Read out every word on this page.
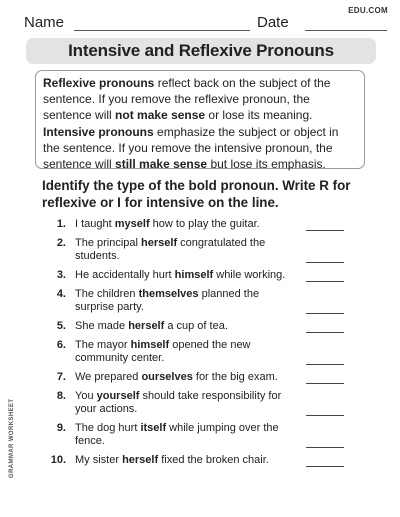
EDU.COM
Name	Date
Intensive and Reflexive Pronouns

Reflexive pronouns reflect back on the subject of the sentence. If you remove the reflexive pronoun, the sentence will not make sense or lose its meaning. Intensive pronouns emphasize the subject or object in the sentence. If you remove the intensive pronoun, the sentence will still make sense but lose its emphasis.

Identify the type of the bold pronoun. Write R for reflexive or I for intensive on the line.
1. I taught myself how to play the guitar.
2. The principal herself congratulated the students.
3. He accidentally hurt himself while working.
4. The children themselves planned the surprise party.
5. She made herself a cup of tea.
6. The mayor himself opened the new community center.
7. We prepared ourselves for the big exam.
8. You yourself should take responsibility for your actions.
9. The dog hurt itself while jumping over the fence.
10. My sister herself fixed the broken chair.
GRAMMAR WORKSHEET
